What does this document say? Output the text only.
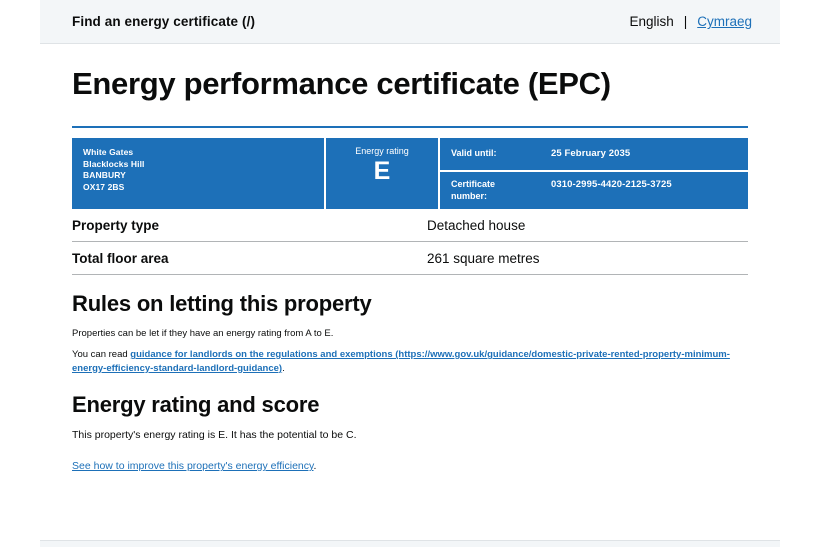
Find an energy certificate (/)	English | Cymraeg
Energy performance certificate (EPC)
White Gates
Blacklocks Hill
BANBURY
OX17 2BS
Energy rating
E
Valid until:	25 February 2035
Certificate
number:
0310-2995-4420-2125-3725
Property type	Detached house
Total floor area	261 square metres
Rules on letting this property

Properties can be let if they have an energy rating from A to E.

You can read guidance for landlords on the regulations and exemptions (https://www.gov.uk/guidance/domestic-private-rented-property-minimum-energy-efficiency-standard-landlord-guidance).

Energy rating and score

This property's energy rating is E. It has the potential to be C.

See how to improve this property's energy efficiency.
